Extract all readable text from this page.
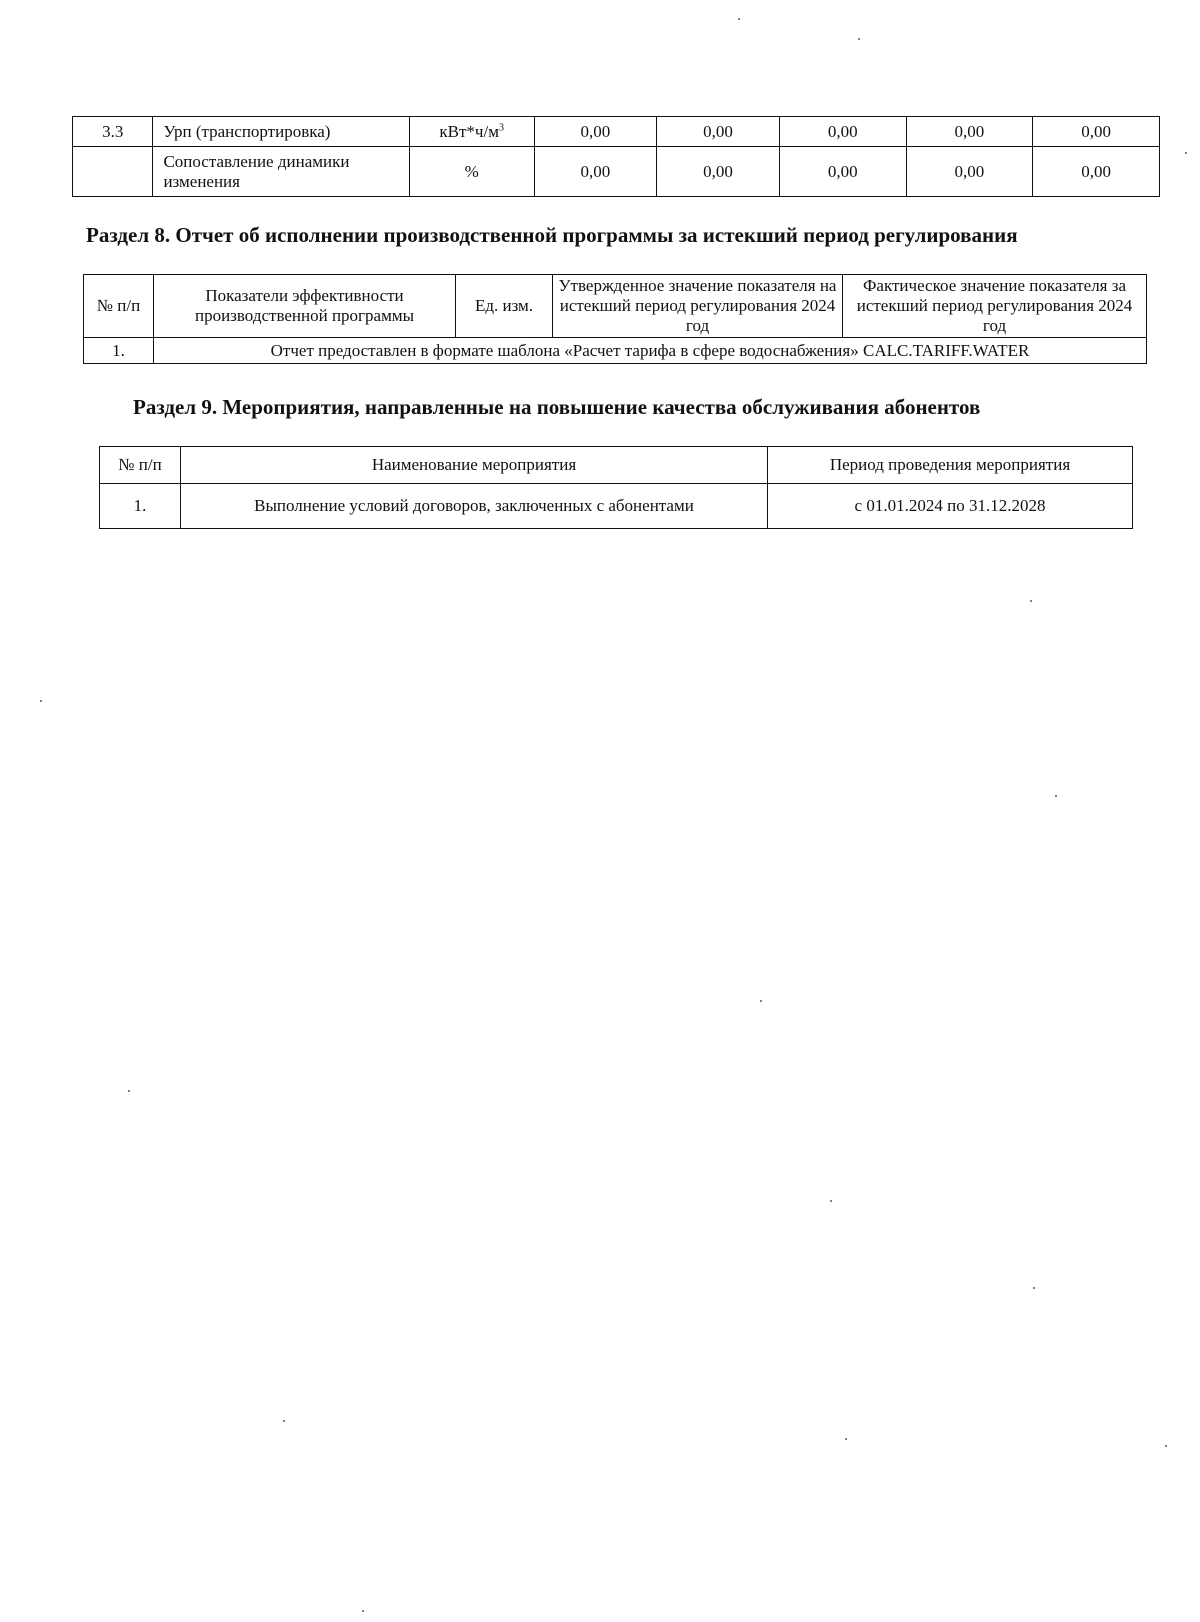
3.3	Урп (транспортировка)	$кВт*ч/м^3$	0,00	0,00	0,00	0,00	0,00
	Сопоставление динамики изменения	%	0,00	0,00	0,00	0,00	0,00
Раздел 8. Отчет об исполнении производственной программы за истекший период регулирования
№ п/п	Показатели эффективности производственной программы	Ед. изм.	Утвержденное значение показателя на истекший период регулирования 2024 год	Фактическое значение показателя за истекший период регулирования 2024 год
1.	Отчет предоставлен в формате шаблона «Расчет тарифа в сфере водоснабжения» CALC.TARIFF.WATER			
Раздел 9. Мероприятия, направленные на повышение качества обслуживания абонентов
№ п/п	Наименование мероприятия	Период проведения мероприятия
1.	Выполнение условий договоров, заключенных с абонентами	с 01.01.2024 по 31.12.2028
